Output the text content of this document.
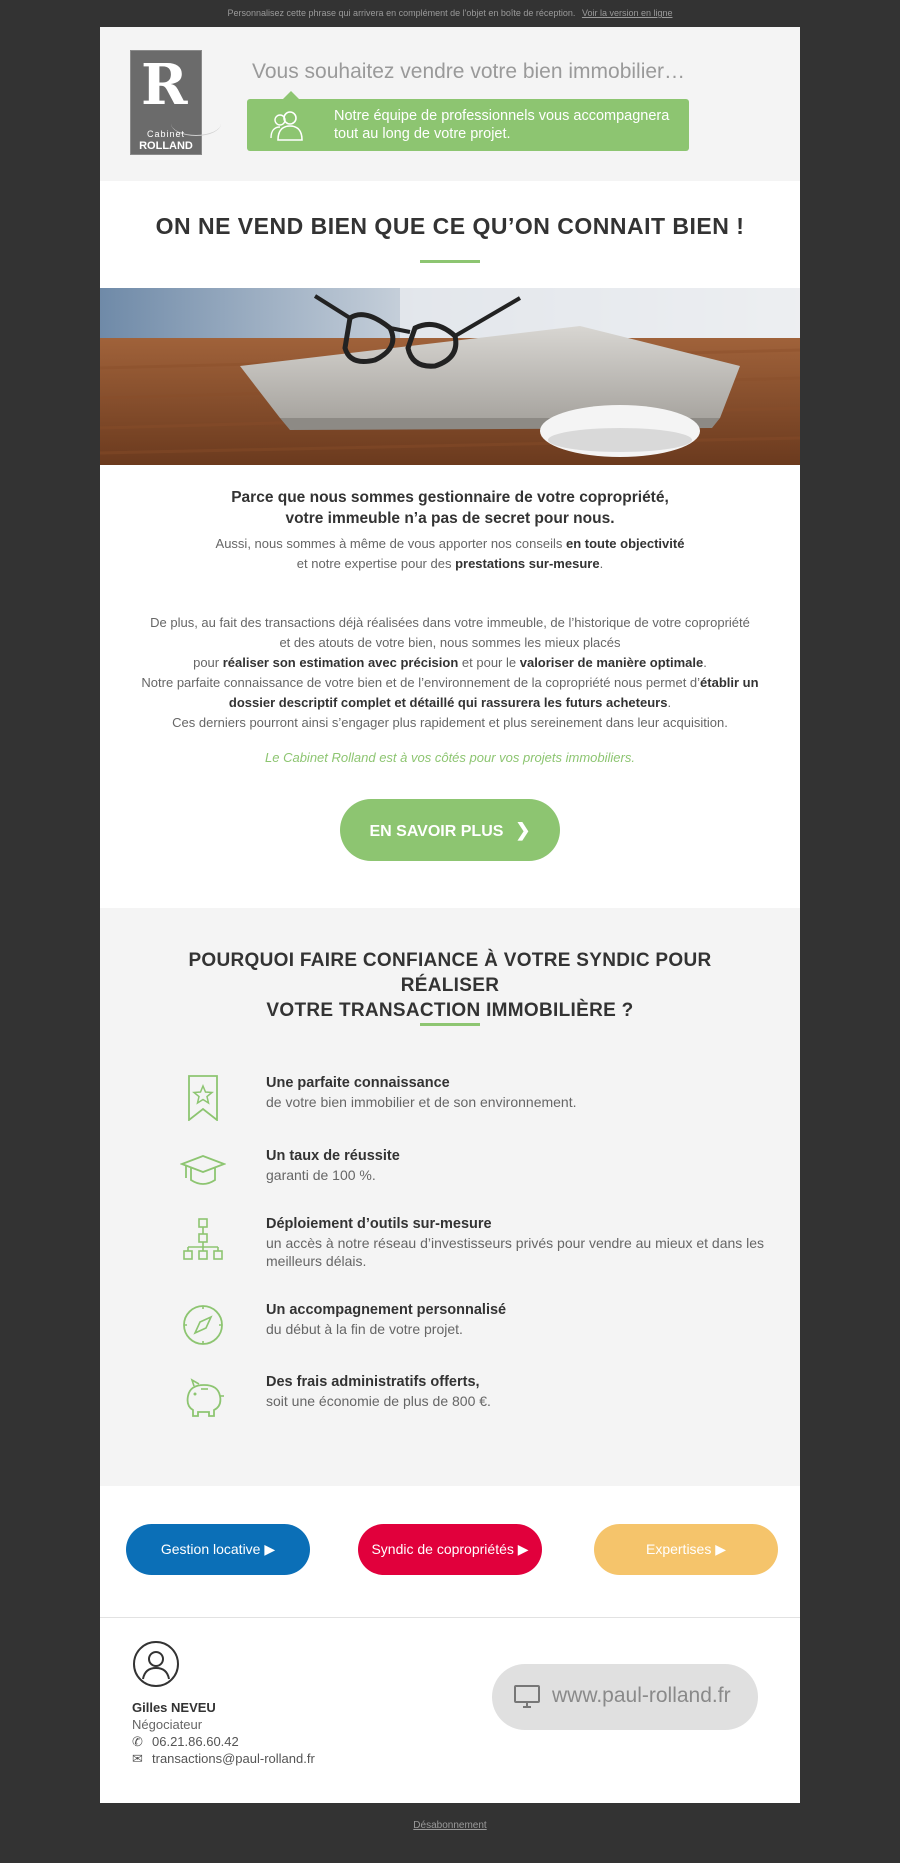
Personnalisez cette phrase qui arrivera en complément de l'objet en boîte de réception. Voir la version en ligne
R
Cabinet
ROLLAND
Vous souhaitez vendre votre bien immobilier…
Notre équipe de professionnels vous accompagnera
tout au long de votre projet.
ON NE VEND BIEN QUE CE QU’ON CONNAIT BIEN !
Parce que nous sommes gestionnaire de votre copropriété,
votre immeuble n’a pas de secret pour nous.
Aussi, nous sommes à même de vous apporter nos conseils en toute objectivité
et notre expertise pour des prestations sur-mesure.
De plus, au fait des transactions déjà réalisées dans votre immeuble, de l’historique de votre copropriété
et des atouts de votre bien, nous sommes les mieux placés
pour réaliser son estimation avec précision et pour le valoriser de manière optimale.
Notre parfaite connaissance de votre bien et de l’environnement de la copropriété nous permet d’établir un dossier descriptif complet et détaillé qui rassurera les futurs acheteurs.
Ces derniers pourront ainsi s’engager plus rapidement et plus sereinement dans leur acquisition.
Le Cabinet Rolland est à vos côtés pour vos projets immobiliers.
EN SAVOIR PLUS ❯
POURQUOI FAIRE CONFIANCE À VOTRE SYNDIC POUR RÉALISER
VOTRE TRANSACTION IMMOBILIÈRE ?
Une parfaite connaissance
de votre bien immobilier et de son environnement.
Un taux de réussite
garanti de 100 %.
Déploiement d’outils sur-mesure
un accès à notre réseau d’investisseurs privés pour vendre au mieux et dans les meilleurs délais.
Un accompagnement personnalisé
du début à la fin de votre projet.
Des frais administratifs offerts,
soit une économie de plus de 800 €.
Gestion locative ▶	Syndic de copropriétés ▶	Expertises ▶
Gilles NEVEU
Négociateur
✆ 06.21.86.60.42
✉ transactions@paul-rolland.fr
www.paul-rolland.fr
Désabonnement
